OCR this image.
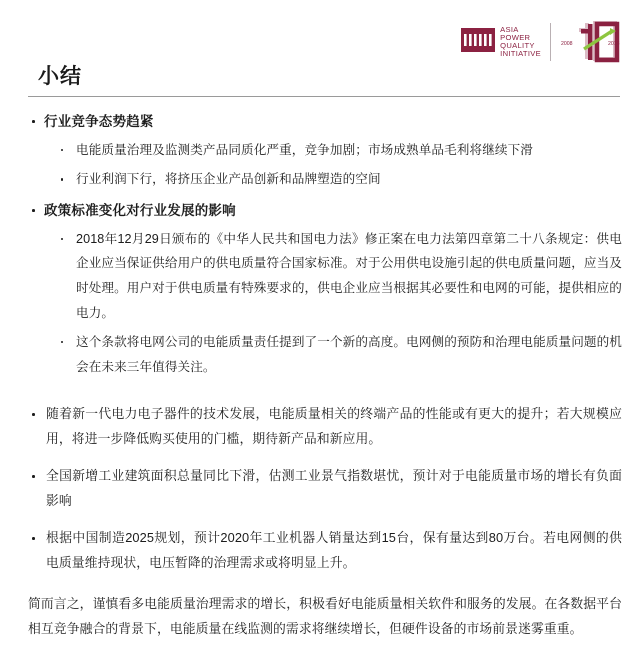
ASIA
POWER
QUALITY
INITIATIVE
2008	2018
小结
行业竞争态势趋紧
电能质量治理及监测类产品同质化严重，竞争加剧；市场成熟单品毛利将继续下滑
行业利润下行，将挤压企业产品创新和品牌塑造的空间
政策标准变化对行业发展的影响
2018年12月29日颁布的《中华人民共和国电力法》修正案在电力法第四章第二十八条规定：供电企业应当保证供给用户的供电质量符合国家标准。对于公用供电设施引起的供电质量问题，应当及时处理。用户对于供电质量有特殊要求的，供电企业应当根据其必要性和电网的可能，提供相应的电力。
这个条款将电网公司的电能质量责任提到了一个新的高度。电网侧的预防和治理电能质量问题的机会在未来三年值得关注。
随着新一代电力电子器件的技术发展，电能质量相关的终端产品的性能或有更大的提升；若大规模应用，将进一步降低购买使用的门槛，期待新产品和新应用。
全国新增工业建筑面积总量同比下滑，估测工业景气指数堪忧，预计对于电能质量市场的增长有负面影响
根据中国制造2025规划，预计2020年工业机器人销量达到15台，保有量达到80万台。若电网侧的供电质量维持现状，电压暂降的治理需求或将明显上升。
简而言之，谨慎看多电能质量治理需求的增长，积极看好电能质量相关软件和服务的发展。在各数据平台相互竞争融合的背景下，电能质量在线监测的需求将继续增长，但硬件设备的市场前景迷雾重重。
